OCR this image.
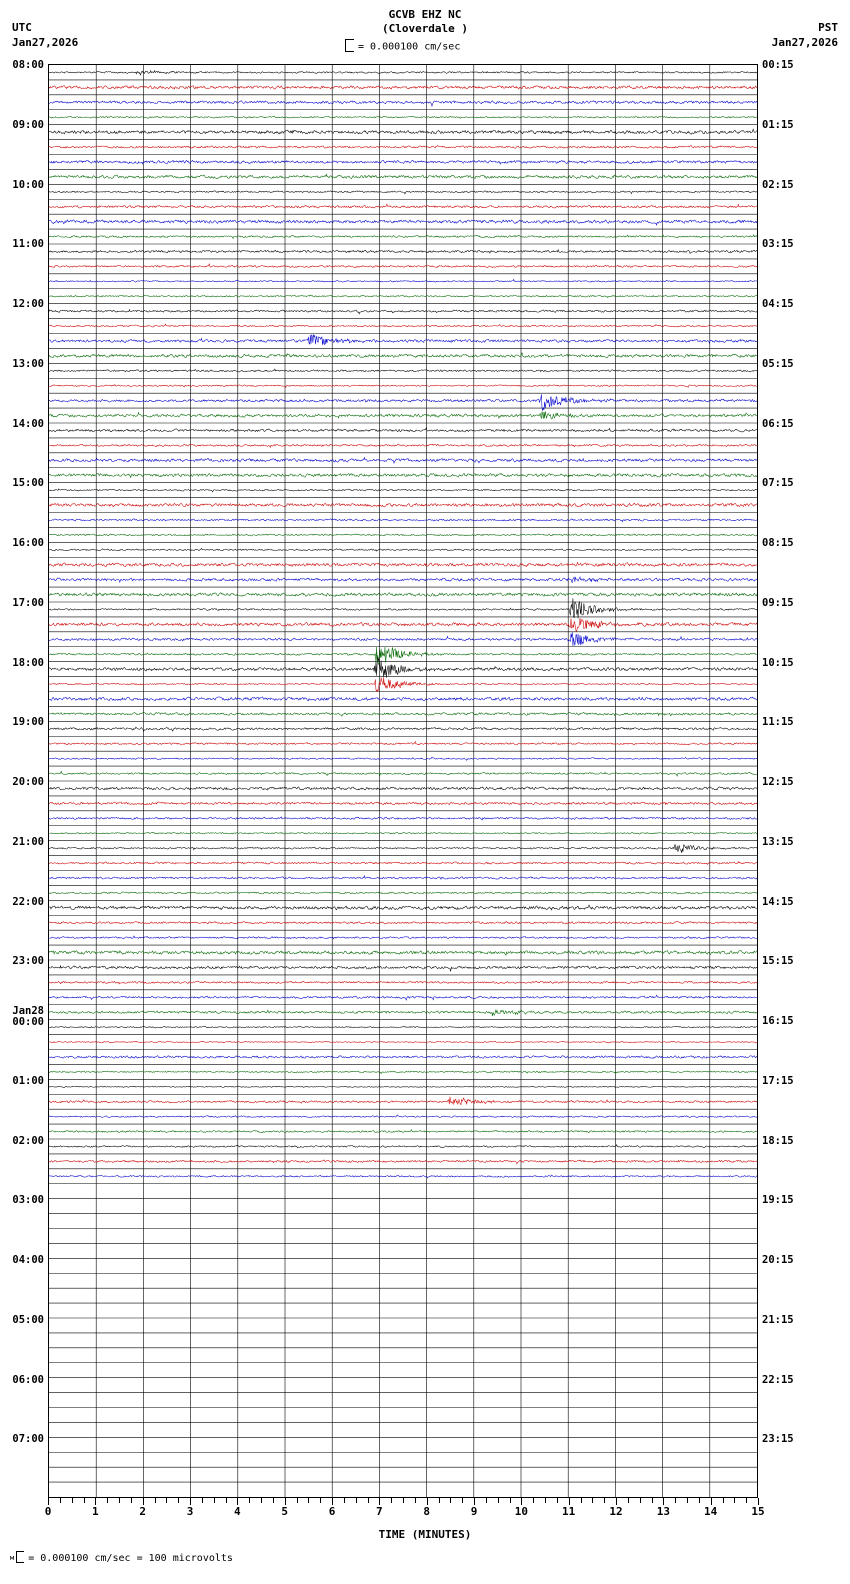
UTC
Jan27,2026
PST
Jan27,2026
GCVB EHZ NC
(Cloverdale )
= 0.000100 cm/sec
08:00
09:00
10:00
11:00
12:00
13:00
14:00
15:00
16:00
17:00
18:00
19:00
20:00
21:00
22:00
23:00
Jan28
00:00
01:00
02:00
03:00
04:00
05:00
06:00
07:00
00:15
01:15
02:15
03:15
04:15
05:15
06:15
07:15
08:15
09:15
10:15
11:15
12:15
13:15
14:15
15:15
16:15
17:15
18:15
19:15
20:15
21:15
22:15
23:15
0	1	2	3	4	5	6	7	8	9	10	11	12	13	14	15
TIME (MINUTES)
м = 0.000100 cm/sec = 100 microvolts
